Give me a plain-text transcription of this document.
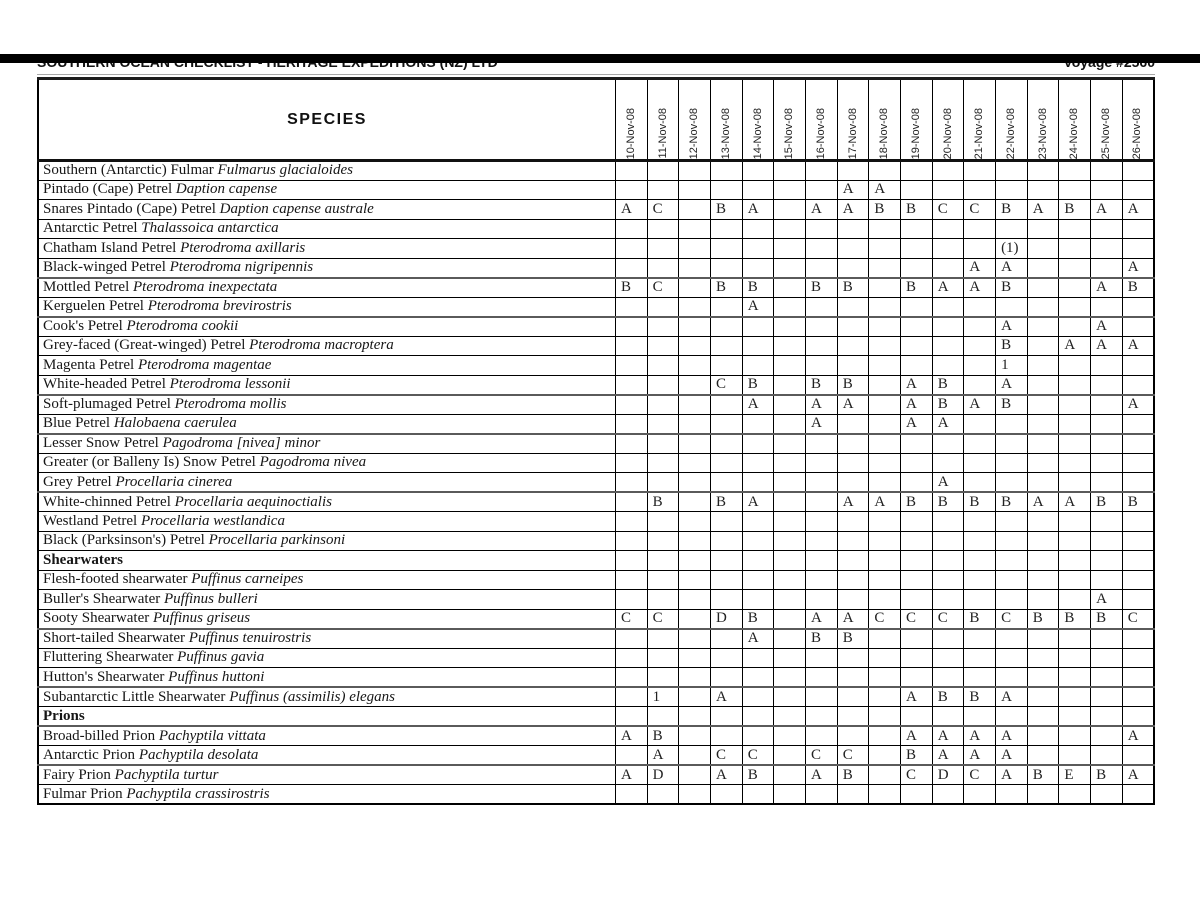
SPECIES	10-Nov-08	11-Nov-08	12-Nov-08	13-Nov-08	14-Nov-08	15-Nov-08	16-Nov-08	17-Nov-08	18-Nov-08	19-Nov-08	20-Nov-08	21-Nov-08	22-Nov-08	23-Nov-08	24-Nov-08	25-Nov-08	26-Nov-08

Southern (Antarctic) Fulmar Fulmarus glacialoides																	
Pintado (Cape) Petrel Daption capense								A	A								
Snares Pintado (Cape) Petrel Daption capense australe	A	C		B	A		A	A	B	B	C	C	B	A	B	A	A
Antarctic Petrel Thalassoica antarctica																	
Chatham Island Petrel Pterodroma axillaris													(1)				
Black-winged Petrel Pterodroma nigripennis												A	A				A
Mottled Petrel Pterodroma inexpectata	B	C		B	B		B	B		B	A	A	B			A	B
Kerguelen Petrel Pterodroma brevirostris					A												
Cook's Petrel Pterodroma cookii													A			A	
Grey-faced (Great-winged) Petrel Pterodroma macroptera													B		A	A	A
Magenta Petrel Pterodroma magentae													1				
White-headed Petrel Pterodroma lessonii				C	B		B	B		A	B		A				
Soft-plumaged Petrel Pterodroma mollis					A		A	A		A	B	A	B				A
Blue Petrel Halobaena caerulea							A			A	A						
Lesser Snow Petrel Pagodroma [nivea] minor																	
Greater (or Balleny Is) Snow Petrel Pagodroma nivea																	
Grey Petrel Procellaria cinerea											A						
White-chinned Petrel Procellaria aequinoctialis		B		B	A			A	A	B	B	B	B	A	A	B	B
Westland Petrel Procellaria westlandica																	
Black (Parksinson's) Petrel Procellaria parkinsoni																	
Shearwaters																	
Flesh-footed shearwater Puffinus carneipes																	
Buller's Shearwater Puffinus bulleri																A	
Sooty Shearwater Puffinus griseus	C	C		D	B		A	A	C	C	C	B	C	B	B	B	C
Short-tailed Shearwater Puffinus tenuirostris					A		B	B									
Fluttering Shearwater Puffinus gavia																	
Hutton's Shearwater Puffinus huttoni																	
Subantarctic Little Shearwater Puffinus (assimilis) elegans		1		A						A	B	B	A				
Prions																	
Broad-billed Prion Pachyptila vittata	A	B								A	A	A	A				A
Antarctic Prion Pachyptila desolata		A		C	C		C	C		B	A	A	A				
Fairy Prion Pachyptila turtur	A	D		A	B		A	B		C	D	C	A	B	E	B	A
Fulmar Prion Pachyptila crassirostris																	
